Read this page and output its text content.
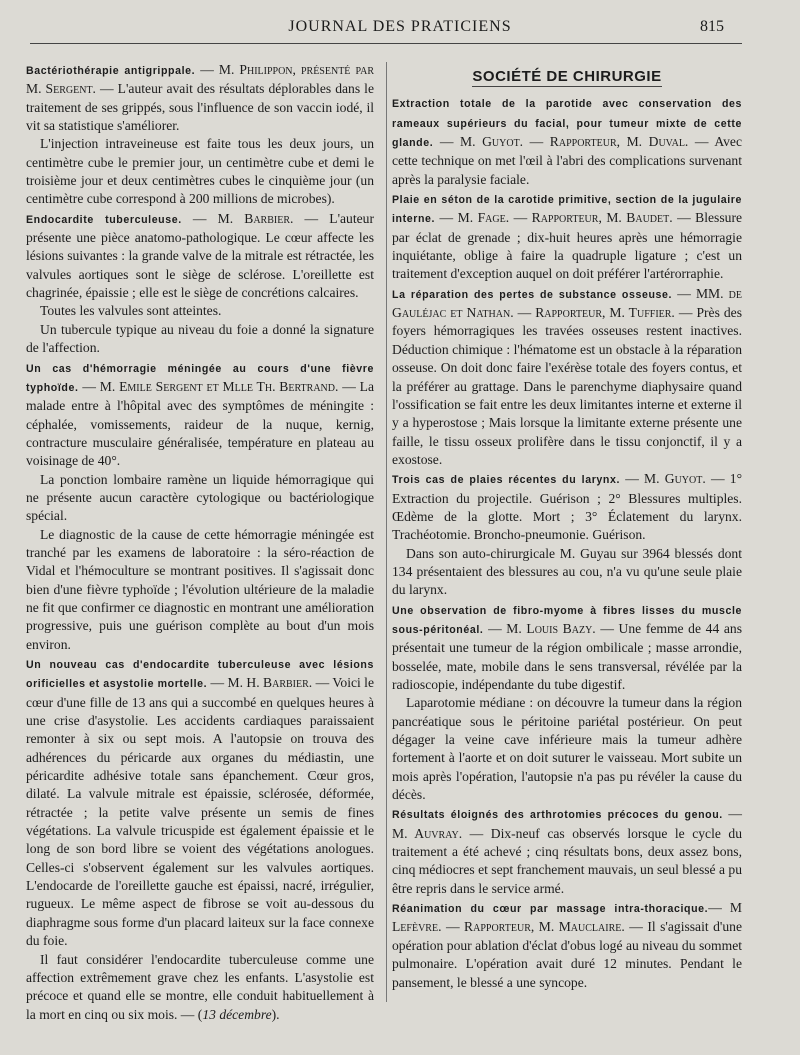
JOURNAL DES PRATICIENS	815

Bactériothérapie antigrippale. — M. Philippon, présenté par M. Sergent. — L'auteur avait des résultats déplorables dans le traitement de ses grippés, sous l'influence de son vaccin iodé, il vit sa statistique s'améliorer.

L'injection intraveineuse est faite tous les deux jours, un centimètre cube le premier jour, un centimètre cube et demi le troisième jour et deux centimètres cubes le cinquième jour (un centimètre cube correspond à 200 millions de microbes).

Endocardite tuberculeuse. — M. Barbier. — L'auteur présente une pièce anatomo-pathologique. Le cœur affecte les lésions suivantes : la grande valve de la mitrale est rétractée, les valvules aortiques sont le siège de sclérose. L'oreillette est chagrinée, épaissie ; elle est le siège de concrétions calcaires.

Toutes les valvules sont atteintes.

Un tubercule typique au niveau du foie a donné la signature de l'affection.

Un cas d'hémorragie méningée au cours d'une fièvre typhoïde. — M. Emile Sergent et Mlle Th. Bertrand. — La malade entre à l'hôpital avec des symptômes de méningite : céphalée, vomissements, raideur de la nuque, kernig, contracture musculaire généralisée, température en plateau au voisinage de 40°.

La ponction lombaire ramène un liquide hémorragique qui ne présente aucun caractère cytologique ou bactériologique spécial.

Le diagnostic de la cause de cette hémorragie méningée est tranché par les examens de laboratoire : la séro-réaction de Vidal et l'hémoculture se montrant positives. Il s'agissait donc bien d'une fièvre typhoïde ; l'évolution ultérieure de la maladie ne fit que confirmer ce diagnostic en montrant une amélioration progressive, puis une guérison complète au bout d'un mois environ.

Un nouveau cas d'endocardite tuberculeuse avec lésions orificielles et asystolie mortelle. — M. H. Barbier. — Voici le cœur d'une fille de 13 ans qui a succombé en quelques heures à une crise d'asystolie. Les accidents cardiaques paraissaient remonter à six ou sept mois. A l'autopsie on trouva des adhérences du péricarde aux organes du médiastin, une péricardite adhésive totale sans épanchement. Cœur gros, dilaté. La valvule mitrale est épaissie, sclérosée, déformée, rétractée ; la petite valve présente un semis de fines végétations. La valvule tricuspide est également épaissie et le long de son bord libre se voient des végétations anologues. Celles-ci s'observent également sur les valvules aortiques. L'endocarde de l'oreillette gauche est épaissi, nacré, irrégulier, rugueux. Le même aspect de fibrose se voit au-dessous du diaphragme sous forme d'un placard laiteux sur la face connexe du foie.

Il faut considérer l'endocardite tuberculeuse comme une affection extrêmement grave chez les enfants. L'asystolie est précoce et quand elle se montre, elle conduit habituellement à la mort en cinq ou six mois. — (13 décembre).

SOCIÉTÉ DE CHIRURGIE

Extraction totale de la parotide avec conservation des rameaux supérieurs du facial, pour tumeur mixte de cette glande. — M. Guyot. — Rapporteur, M. Duval. — Avec cette technique on met l'œil à l'abri des complications survenant après la paralysie faciale.

Plaie en séton de la carotide primitive, section de la jugulaire interne. — M. Fage. — Rapporteur, M. Baudet. — Blessure par éclat de grenade ; dix-huit heures après une hémorragie inquiétante, oblige à faire la quadruple ligature ; c'est un traitement d'exception auquel on doit préférer l'artérorraphie.

La réparation des pertes de substance osseuse. — MM. de Gauléjac et Nathan. — Rapporteur, M. Tuffier. — Près des foyers hémorragiques les travées osseuses restent inactives. Déduction chimique : l'hématome est un obstacle à la réparation osseuse. On doit donc faire l'exérèse totale des foyers contus, et la préférer au grattage. Dans le parenchyme diaphysaire quand l'ossification se fait entre les deux limitantes interne et externe il y a hyperostose ; Mais lorsque la limitante externe présente une faille, le tissu osseux prolifère dans le tissu conjonctif, il y a exostose.

Trois cas de plaies récentes du larynx. — M. Guyot. — 1° Extraction du projectile. Guérison ; 2° Blessures multiples. Œdème de la glotte. Mort ; 3° Éclatement du larynx. Trachéotomie. Broncho-pneumonie. Guérison.

Dans son auto-chirurgicale M. Guyau sur 3964 blessés dont 134 présentaient des blessures au cou, n'a vu qu'une seule plaie du larynx.

Une observation de fibro-myome à fibres lisses du muscle sous-péritonéal. — M. Louis Bazy. — Une femme de 44 ans présentait une tumeur de la région ombilicale ; masse arrondie, bosselée, mate, mobile dans le sens transversal, révélée par la radioscopie, indépendante du tube digestif.

Laparotomie médiane : on découvre la tumeur dans la région pancréatique sous le péritoine pariétal postérieur. On peut dégager la veine cave inférieure mais la tumeur adhère fortement à l'aorte et on doit suturer le vaisseau. Mort subite un mois après l'opération, l'autopsie n'a pas pu révéler la cause du décès.

Résultats éloignés des arthrotomies précoces du genou. — M. Auvray. — Dix-neuf cas observés lorsque le cycle du traitement a été achevé ; cinq résultats bons, deux assez bons, cinq médiocres et sept franchement mauvais, un seul blessé a pu être repris dans le service armé.

Réanimation du cœur par massage intra-thoracique.— M Lefèvre. — Rapporteur, M. Mauclaire. — Il s'agissait d'une opération pour ablation d'éclat d'obus logé au niveau du sommet pulmonaire. L'opération avait duré 12 minutes. Pendant le pansement, le blessé a une syncope.
